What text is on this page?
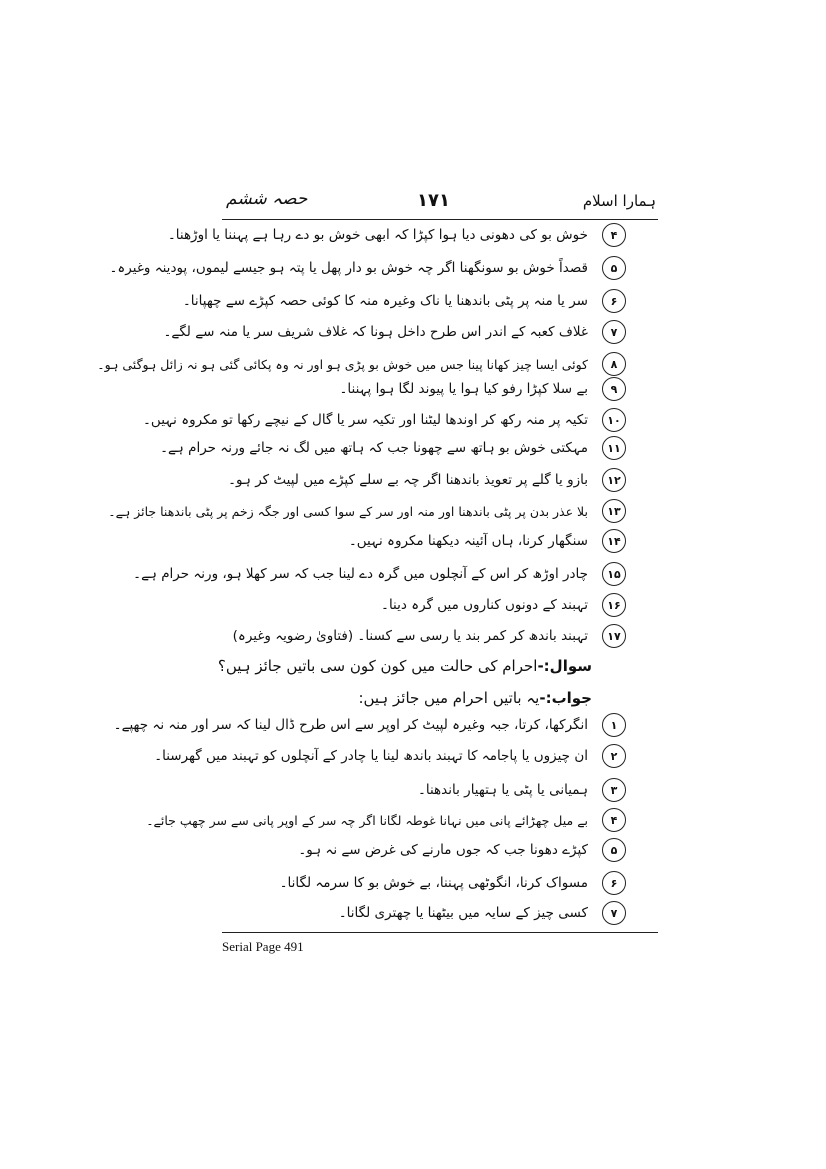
حصہ ششم	۱۷۱	ہمارا اسلام
۴
خوش بو کی دھونی دیا ہوا کپڑا کہ ابھی خوش بو دے رہا ہے پہننا یا اوڑھنا۔
۵
قصداً خوش بو سونگھنا اگر چہ خوش بو دار پھل یا پتہ ہو جیسے لیموں، پودینہ وغیرہ۔
۶
سر یا منہ پر پٹی باندھنا یا ناک وغیرہ منہ کا کوئی حصہ کپڑے سے چھپانا۔
۷
غلاف کعبہ کے اندر اس طرح داخل ہونا کہ غلاف شریف سر یا منہ سے لگے۔
۸
کوئی ایسا چیز کھانا پینا جس میں خوش بو پڑی ہو اور نہ وہ پکائی گئی ہو نہ زائل ہوگئی ہو۔
۹
بے سلا کپڑا رفو کیا ہوا یا پیوند لگا ہوا پہننا۔
۱۰
تکیہ پر منہ رکھ کر اوندھا لیٹنا اور تکیہ سر یا گال کے نیچے رکھا تو مکروہ نہیں۔
۱۱
مہکتی خوش بو ہاتھ سے چھونا جب کہ ہاتھ میں لگ نہ جائے ورنہ حرام ہے۔
۱۲
بازو یا گلے پر تعویذ باندھنا اگر چہ بے سلے کپڑے میں لپیٹ کر ہو۔
۱۳
بلا عذر بدن پر پٹی باندھنا اور منہ اور سر کے سوا کسی اور جگہ زخم پر پٹی باندھنا جائز ہے۔
۱۴
سنگھار کرنا، ہاں آئینہ دیکھنا مکروہ نہیں۔
۱۵
چادر اوڑھ کر اس کے آنچلوں میں گرہ دے لینا جب کہ سر کھلا ہو، ورنہ حرام ہے۔
۱۶
تہبند کے دونوں کناروں میں گرہ دینا۔
۱۷
تہبند باندھ کر کمر بند یا رسی سے کسنا۔ (فتاویٰ رضویہ وغیرہ)
سوال:-
احرام کی حالت میں کون کون سی باتیں جائز ہیں؟
جواب:-
یہ باتیں احرام میں جائز ہیں:
۱
انگرکھا، کرتا، جبہ وغیرہ لپیٹ کر اوپر سے اس طرح ڈال لینا کہ سر اور منہ نہ چھپے۔
۲
ان چیزوں یا پاجامہ کا تہبند باندھ لینا یا چادر کے آنچلوں کو تہبند میں گھرسنا۔
۳
ہمیانی یا پٹی یا ہتھیار باندھنا۔
۴
بے میل چھڑائے پانی میں نہانا غوطہ لگانا اگر چہ سر کے اوپر پانی سے سر چھپ جائے۔
۵
کپڑے دھونا جب کہ جوں مارنے کی غرض سے نہ ہو۔
۶
مسواک کرنا، انگوٹھی پہننا، بے خوش بو کا سرمہ لگانا۔
۷
کسی چیز کے سایہ میں بیٹھنا یا چھتری لگانا۔
Serial Page 491
